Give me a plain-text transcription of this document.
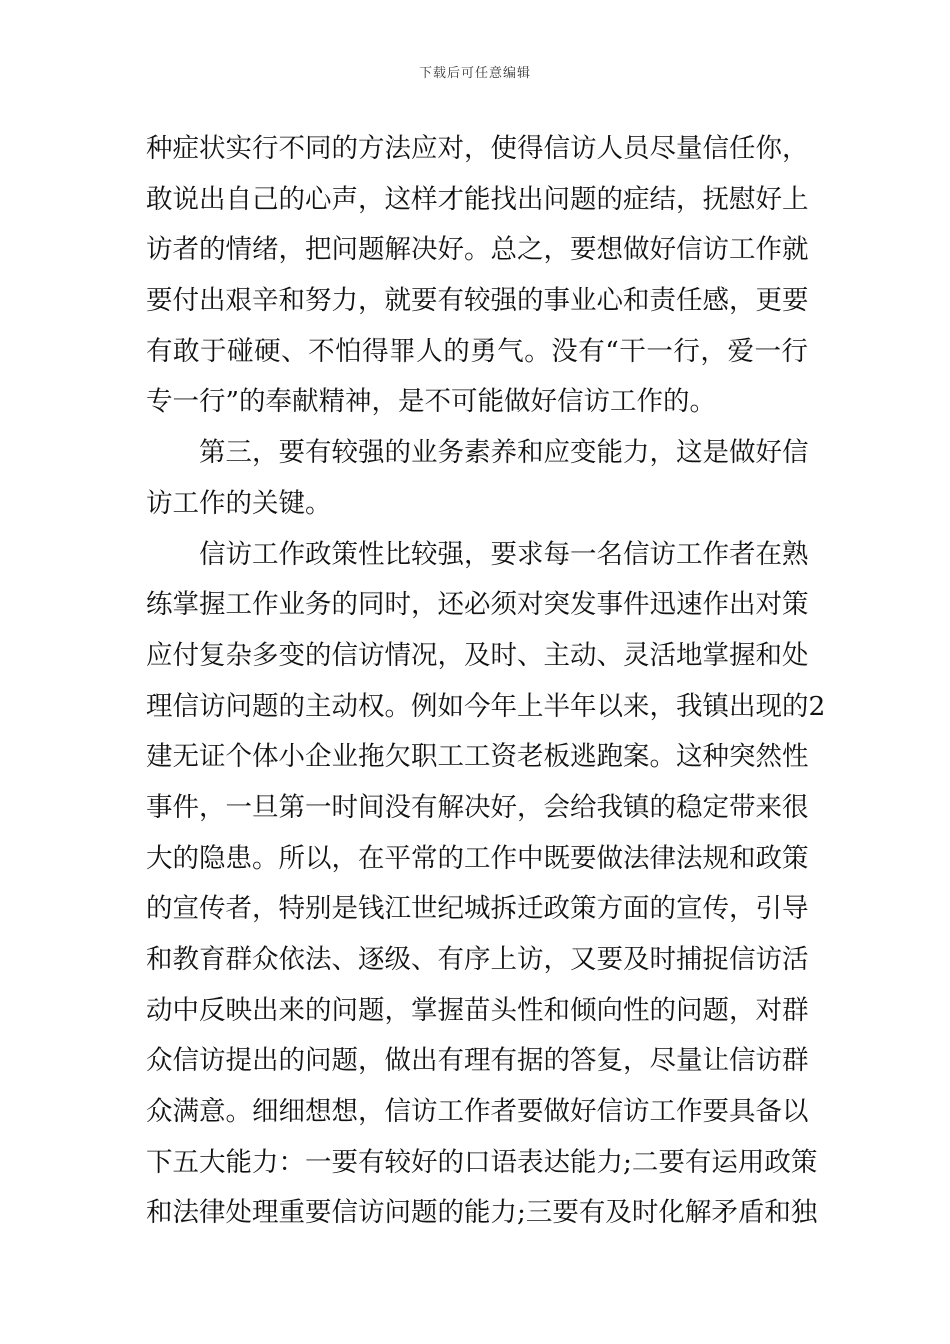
下载后可任意编辑
种症状实行不同的方法应对，使得信访人员尽量信任你，
敢说出自己的心声，这样才能找出问题的症结，抚慰好上
访者的情绪，把问题解决好。总之，要想做好信访工作就
要付出艰辛和努力，就要有较强的事业心和责任感，更要
有敢于碰硬、不怕得罪人的勇气。没有“干一行，爱一行
专一行”的奉献精神，是不可能做好信访工作的。
第三，要有较强的业务素养和应变能力，这是做好信
访工作的关键。
信访工作政策性比较强，要求每一名信访工作者在熟
练掌握工作业务的同时，还必须对突发事件迅速作出对策
应付复杂多变的信访情况，及时、主动、灵活地掌握和处
理信访问题的主动权。例如今年上半年以来，我镇出现的2
建无证个体小企业拖欠职工工资老板逃跑案。这种突然性
事件，一旦第一时间没有解决好，会给我镇的稳定带来很
大的隐患。所以，在平常的工作中既要做法律法规和政策
的宣传者，特别是钱江世纪城拆迁政策方面的宣传，引导
和教育群众依法、逐级、有序上访，又要及时捕捉信访活
动中反映出来的问题，掌握苗头性和倾向性的问题，对群
众信访提出的问题，做出有理有据的答复，尽量让信访群
众满意。细细想想，信访工作者要做好信访工作要具备以
下五大能力：一要有较好的口语表达能力;二要有运用政策
和法律处理重要信访问题的能力;三要有及时化解矛盾和独
